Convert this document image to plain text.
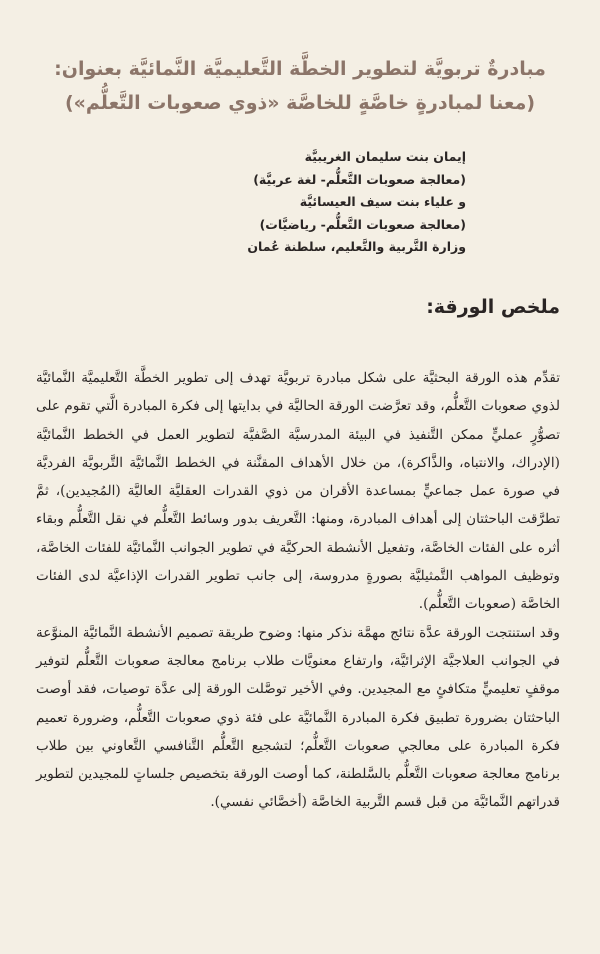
مبادرةٌ تربويَّة لتطوير الخطَّة التَّعليميَّة النَّمائيَّة بعنوان:
(معنا لمبادرةٍ خاصَّةٍ للخاصَّة «ذوي صعوبات التَّعلُّم»)
إيمان بنت سليمان الغريبيَّة
(معالجة صعوبات التَّعلُّم- لغة عربيَّة)
و علياء بنت سيف العيسائيَّة
(معالجة صعوبات التَّعلُّم- رياضيَّات)
وزارة التَّربية والتَّعليم، سلطنة عُمان
ملخص الورقة:

تقدِّم هذه الورقة البحثيَّة على شكل مبادرة تربويَّة تهدف إلى تطوير الخطَّة التَّعليميَّة النَّمائيَّة لذوي صعوبات التَّعلُّم، وقد تعرَّضت الورقة الحاليَّة في بدايتها إلى فكرة المبادرة الَّتي تقوم على تصوُّرٍ عمليٍّ ممكن التَّنفيذ في البيئة المدرسيَّة الصَّفيَّة لتطوير العمل في الخطط النَّمائيَّة (الإدراك، والانتباه، والذَّاكرة)، من خلال الأهداف المقنَّنة في الخطط النَّمائيَّة التَّربويَّة الفرديَّة في صورة عمل جماعيٍّ بمساعدة الأقران من ذوي القدرات العقليَّة العاليَّة (المُجيدين)، ثمَّ تطرَّقت الباحثتان إلى أهداف المبادرة، ومنها: التَّعريف بدور وسائط التَّعلُّم في نقل التَّعلُّم وبقاء أثره على الفئات الخاصَّة، وتفعيل الأنشطة الحركيَّة في تطوير الجوانب النَّمائيَّة للفئات الخاصَّة، وتوظيف المواهب التَّمثيليَّة بصورةٍ مدروسة، إلى جانب تطوير القدرات الإذاعيَّة لدى الفئات الخاصَّة (صعوبات التَّعلُّم).

وقد استنتجت الورقة عدَّة نتائج مهمَّة نذكر منها: وضوح طريقة تصميم الأنشطة النَّمائيَّة المنوَّعة في الجوانب العلاجيَّة الإثرائيَّة، وارتفاع معنويَّات طلاب برنامج معالجة صعوبات التَّعلُّم لتوفير موقفٍ تعليميٍّ متكافئٍ مع المجيدين. وفي الأخير توصَّلت الورقة إلى عدَّة توصيات، فقد أوصت الباحثتان بضرورة تطبيق فكرة المبادرة النَّمائيَّة على فئة ذوي صعوبات التَّعلُّم، وضرورة تعميم فكرة المبادرة على معالجي صعوبات التَّعلُّم؛ لتشجيع التَّعلُّم التَّنافسي التَّعاوني بين طلاب برنامج معالجة صعوبات التَّعلُّم بالسَّلطنة، كما أوصت الورقة بتخصيص جلساتٍ للمجيدين لتطوير قدراتهم النَّمائيَّة من قبل قسم التَّربية الخاصَّة (أخصَّائي نفسي).
